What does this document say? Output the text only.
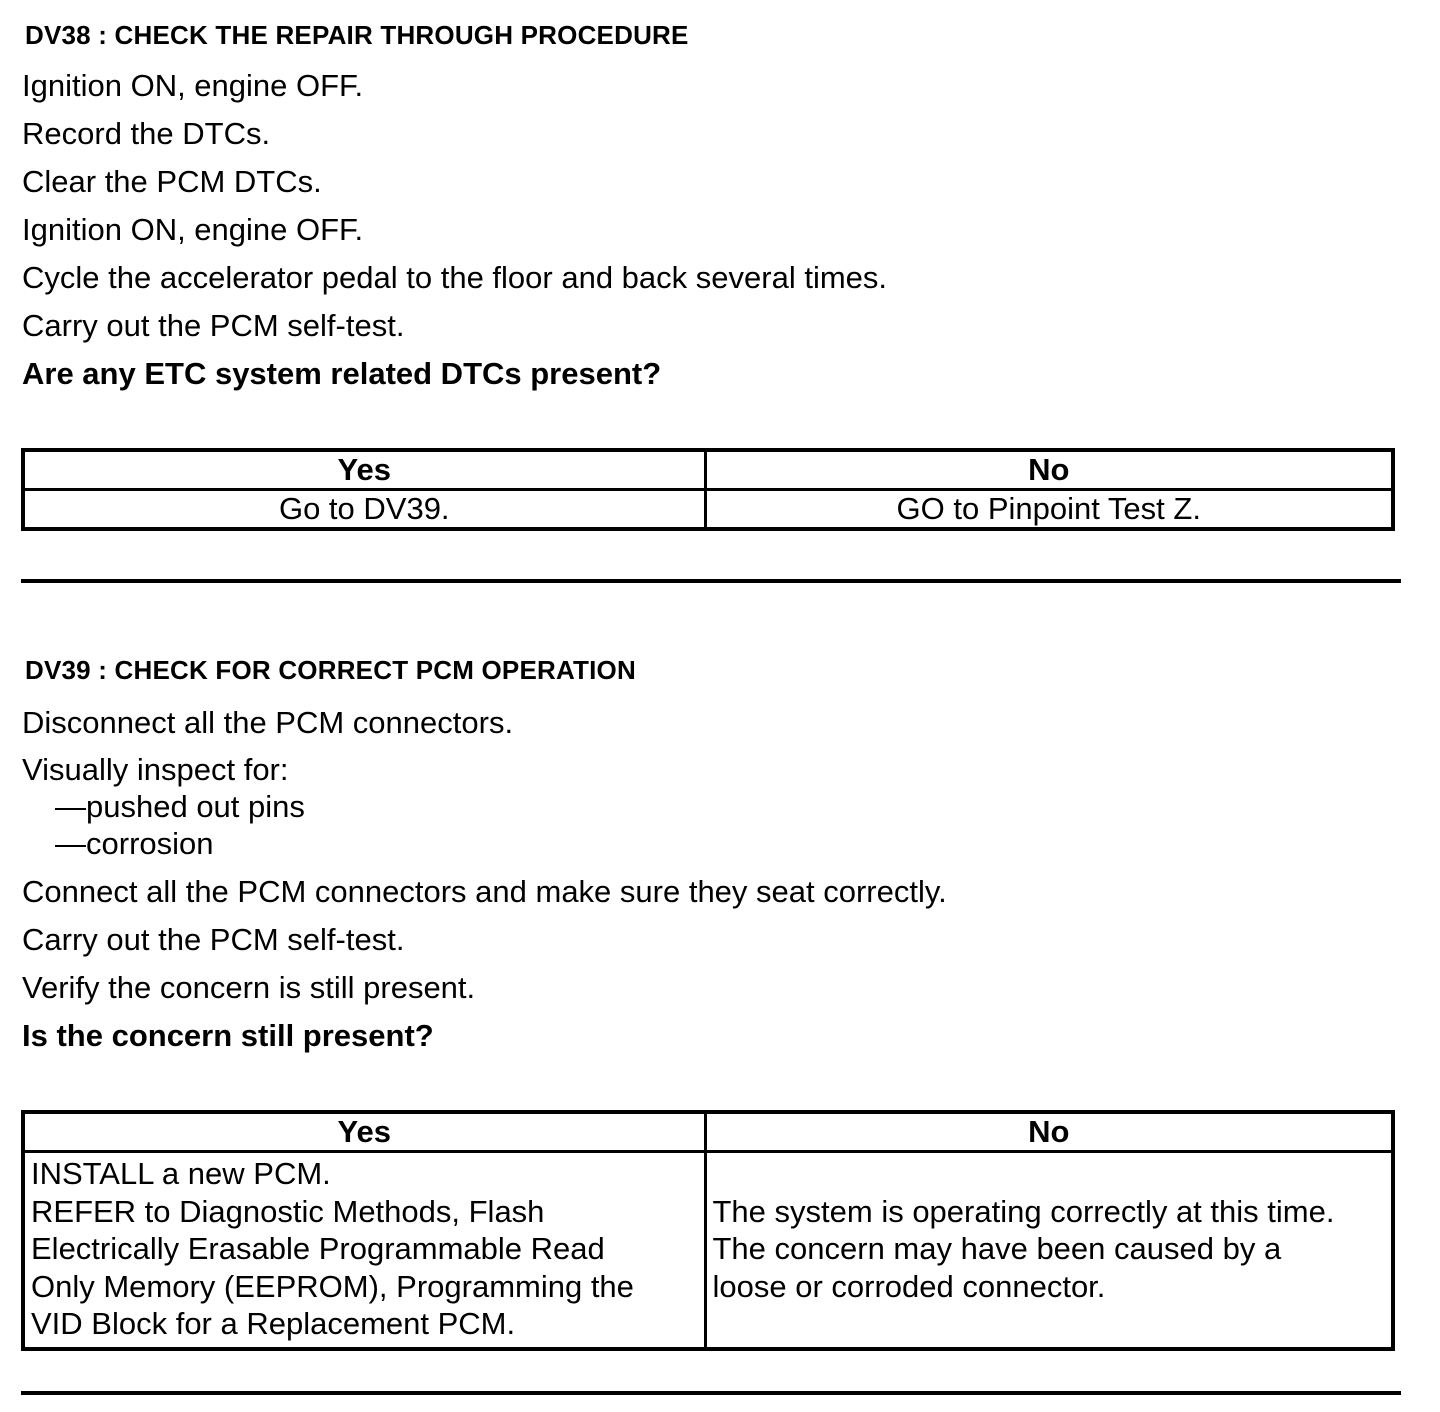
DV38 : CHECK THE REPAIR THROUGH PROCEDURE
Ignition ON, engine OFF.
Record the DTCs.
Clear the PCM DTCs.
Ignition ON, engine OFF.
Cycle the accelerator pedal to the floor and back several times.
Carry out the PCM self-test.
Are any ETC system related DTCs present?
Yes	No
Go to DV39.	GO to Pinpoint Test Z.
DV39 : CHECK FOR CORRECT PCM OPERATION
Disconnect all the PCM connectors.
Visually inspect for:
—pushed out pins
—corrosion
Connect all the PCM connectors and make sure they seat correctly.
Carry out the PCM self-test.
Verify the concern is still present.
Is the concern still present?
Yes	No

INSTALL a new PCM.
REFER to Diagnostic Methods, Flash
Electrically Erasable Programmable Read
Only Memory (EEPROM), Programming the
VID Block for a Replacement PCM.	The system is operating correctly at this time.
The concern may have been caused by a
loose or corroded connector.
